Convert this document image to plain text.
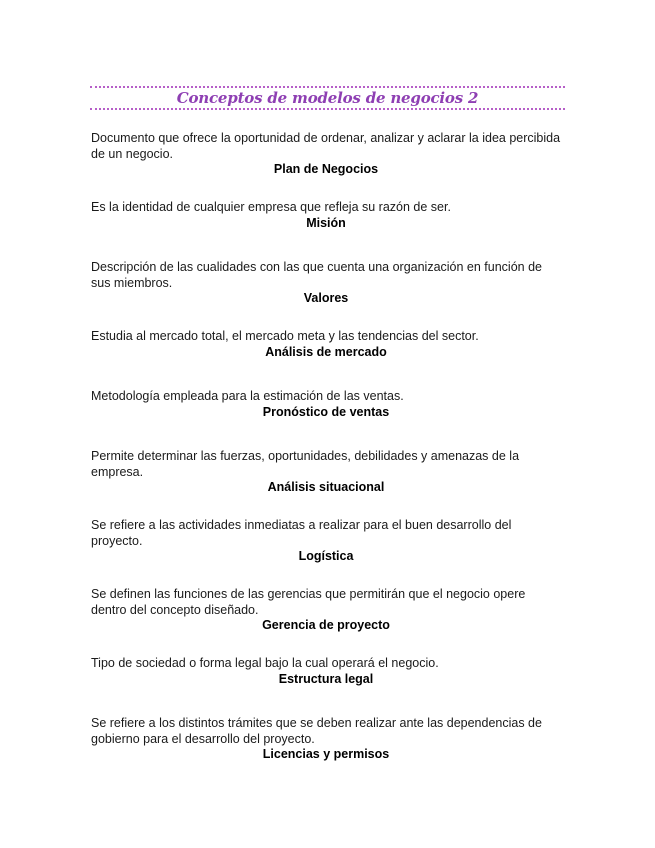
Conceptos de modelos de negocios 2

Documento que ofrece la oportunidad de ordenar, analizar y aclarar la idea percibida de un negocio.

Plan de Negocios

Es la identidad de cualquier empresa que refleja su razón de ser.

Misión

Descripción de las cualidades con las que cuenta una organización en función de sus miembros.

Valores

Estudia al mercado total, el mercado meta y las tendencias del sector.

Análisis de mercado

Metodología empleada para la estimación de las ventas.

Pronóstico de ventas

Permite determinar las fuerzas, oportunidades, debilidades y amenazas de la empresa.

Análisis situacional

Se refiere a las actividades inmediatas a realizar para el buen desarrollo del proyecto.

Logística

Se definen las funciones de las gerencias que permitirán que el negocio opere dentro del concepto diseñado.

Gerencia de proyecto

Tipo de sociedad o forma legal bajo la cual operará el negocio.

Estructura legal

Se refiere a los distintos trámites que se deben realizar ante las dependencias de gobierno para el desarrollo del proyecto.

Licencias y permisos
